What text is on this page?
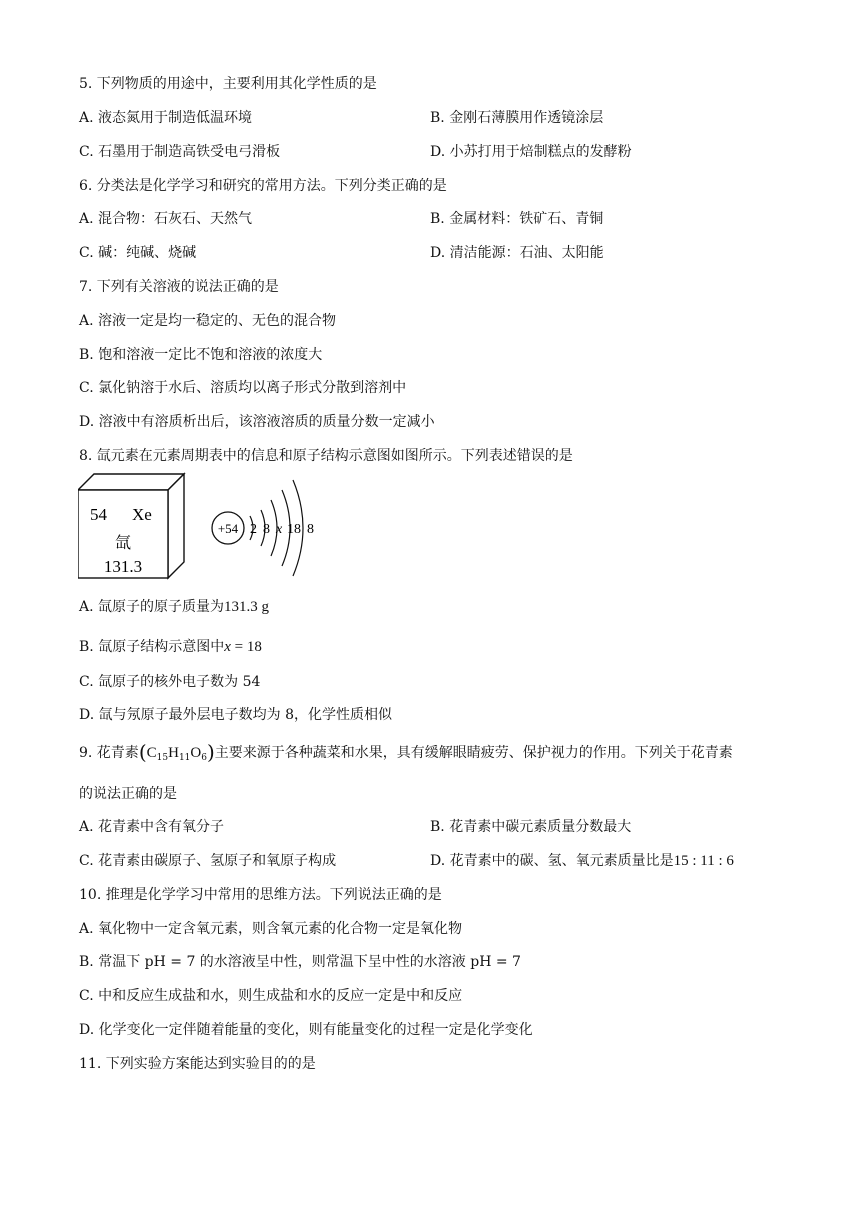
5. 下列物质的用途中，主要利用其化学性质的是
A. 液态氮用于制造低温环境	B. 金刚石薄膜用作透镜涂层
C. 石墨用于制造高铁受电弓滑板	D. 小苏打用于焙制糕点的发酵粉
6. 分类法是化学学习和研究的常用方法。下列分类正确的是
A. 混合物：石灰石、天然气	B. 金属材料：铁矿石、青铜
C. 碱：纯碱、烧碱	D. 清洁能源：石油、太阳能
7. 下列有关溶液的说法正确的是
A. 溶液一定是均一稳定的、无色的混合物
B. 饱和溶液一定比不饱和溶液的浓度大
C. 氯化钠溶于水后、溶质均以离子形式分散到溶剂中
D. 溶液中有溶质析出后，该溶液溶质的质量分数一定减小
8. 氙元素在元素周期表中的信息和原子结构示意图如图所示。下列表述错误的是
54 Xe
氙
131.3
+54 2 8 x 18 8
A. 氙原子的原子质量为131.3 g
B. 氙原子结构示意图中x = 18
C. 氙原子的核外电子数为 54
D. 氙与氖原子最外层电子数均为 8，化学性质相似
9. 花青素$(C_{15}H_{11}O_6)$主要来源于各种蔬菜和水果，具有缓解眼睛疲劳、保护视力的作用。下列关于花青素
的说法正确的是
A. 花青素中含有氧分子	B. 花青素中碳元素质量分数最大
C. 花青素由碳原子、氢原子和氧原子构成	D. 花青素中的碳、氢、氧元素质量比是15 : 11 : 6
10. 推理是化学学习中常用的思维方法。下列说法正确的是
A. 氧化物中一定含氧元素，则含氧元素的化合物一定是氧化物
B. 常温下 pH = 7 的水溶液呈中性，则常温下呈中性的水溶液 pH = 7
C. 中和反应生成盐和水，则生成盐和水的反应一定是中和反应
D. 化学变化一定伴随着能量的变化，则有能量变化的过程一定是化学变化
11. 下列实验方案能达到实验目的的是
